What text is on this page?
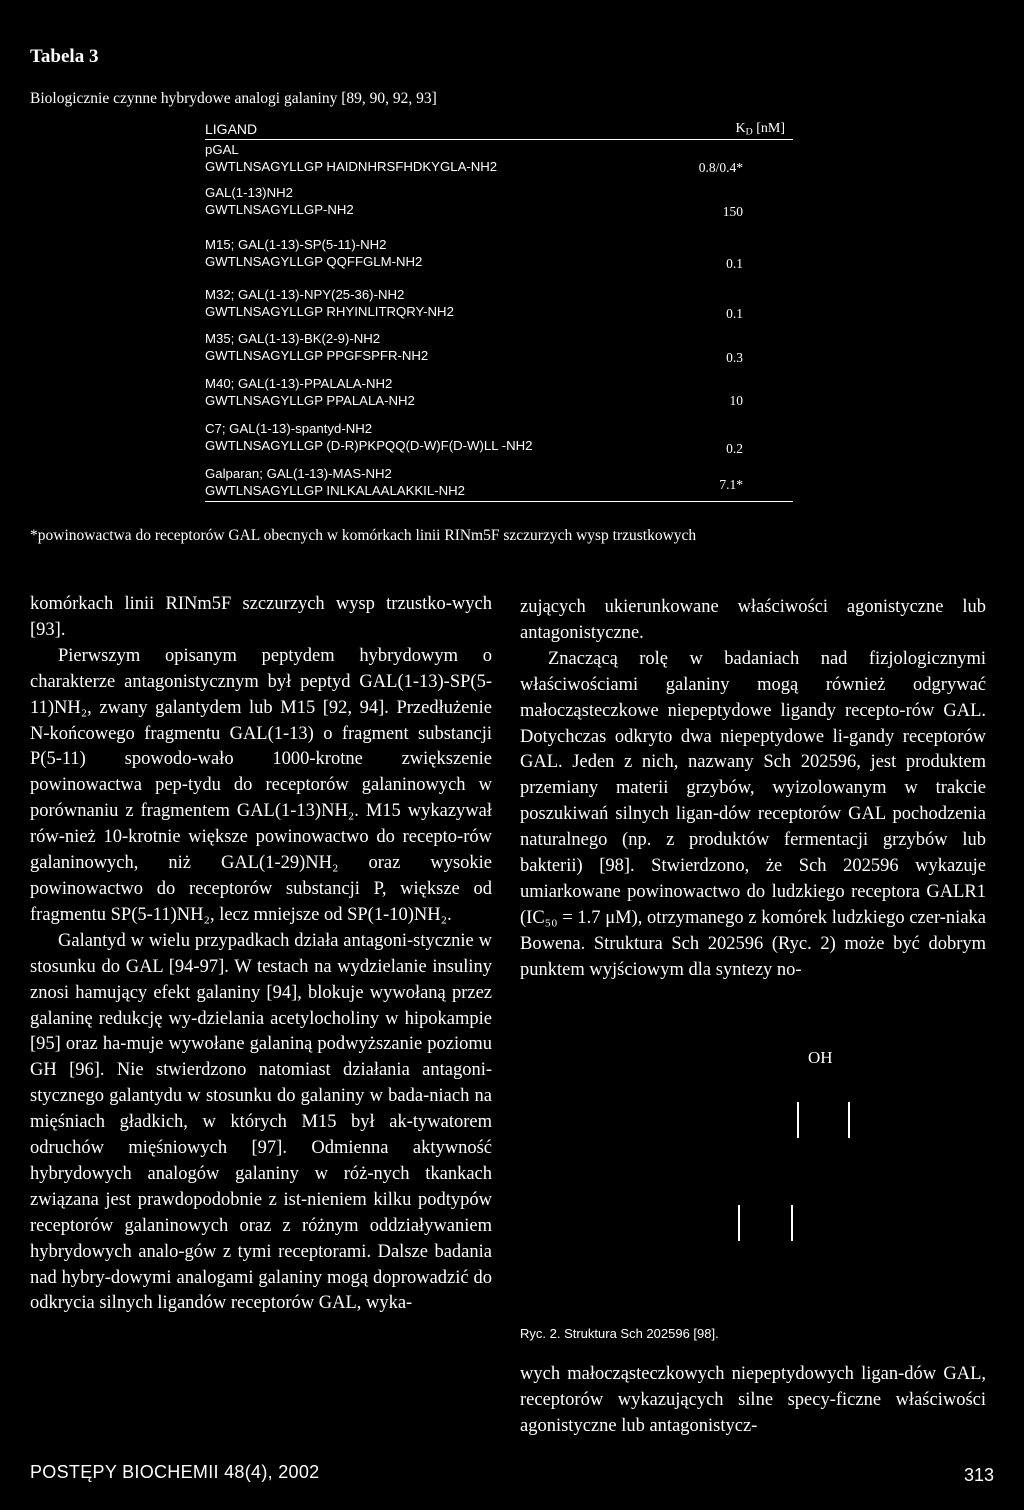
Tabela 3
Biologicznie czynne hybrydowe analogi galaniny [89, 90, 92, 93]
LIGAND	$K_D$ [nM]
pGAL
GWTLNSAGYLLGP HAIDNHRSFHDKYGLA-NH2	0.8/0.4*
GAL(1-13)NH2
GWTLNSAGYLLGP-NH2	150
M15; GAL(1-13)-SP(5-11)-NH2
GWTLNSAGYLLGP QQFFGLM-NH2	0.1
M32; GAL(1-13)-NPY(25-36)-NH2
GWTLNSAGYLLGP RHYINLITRQRY-NH2	0.1
M35; GAL(1-13)-BK(2-9)-NH2
GWTLNSAGYLLGP PPGFSPFR-NH2	0.3
M40; GAL(1-13)-PPALALA-NH2
GWTLNSAGYLLGP PPALALA-NH2	10
C7; GAL(1-13)-spantyd-NH2
GWTLNSAGYLLGP (D-R)PKPQQ(D-W)F(D-W)LL -NH2	0.2
Galparan; GAL(1-13)-MAS-NH2
GWTLNSAGYLLGP INLKALAALAKKIL-NH2	7.1*
*powinowactwa do receptorów GAL obecnych w komórkach linii RINm5F szczurzych wysp trzustkowych

komórkach linii RINm5F szczurzych wysp trzustko-wych [93].

Pierwszym opisanym peptydem hybrydowym o charakterze antagonistycznym był peptyd GAL(1-13)-SP(5-11)NH₂, zwany galantydem lub M15 [92, 94]. Przedłużenie N-końcowego fragmentu GAL(1-13) o fragment substancji P(5-11) spowodo-wało 1000-krotne zwiększenie powinowactwa pep-tydu do receptorów galaninowych w porównaniu z fragmentem GAL(1-13)NH₂. M15 wykazywał rów-nież 10-krotnie większe powinowactwo do recepto-rów galaninowych, niż GAL(1-29)NH₂ oraz wysokie powinowactwo do receptorów substancji P, większe od fragmentu SP(5-11)NH₂, lecz mniejsze od SP(1-10)NH₂.

Galantyd w wielu przypadkach działa antagoni-stycznie w stosunku do GAL [94-97]. W testach na wydzielanie insuliny znosi hamujący efekt galaniny [94], blokuje wywołaną przez galaninę redukcję wy-dzielania acetylocholiny w hipokampie [95] oraz ha-muje wywołane galaniną podwyższanie poziomu GH [96]. Nie stwierdzono natomiast działania antagoni-stycznego galantydu w stosunku do galaniny w bada-niach na mięśniach gładkich, w których M15 był ak-tywatorem odruchów mięśniowych [97]. Odmienna aktywność hybrydowych analogów galaniny w róż-nych tkankach związana jest prawdopodobnie z ist-nieniem kilku podtypów receptorów galaninowych oraz z różnym oddziaływaniem hybrydowych analo-gów z tymi receptorami. Dalsze badania nad hybry-dowymi analogami galaniny mogą doprowadzić do odkrycia silnych ligandów receptorów GAL, wyka-

zujących ukierunkowane właściwości agonistyczne lub antagonistyczne.

Znaczącą rolę w badaniach nad fizjologicznymi właściwościami galaniny mogą również odgrywać małocząsteczkowe niepeptydowe ligandy recepto-rów GAL. Dotychczas odkryto dwa niepeptydowe li-gandy receptorów GAL. Jeden z nich, nazwany Sch 202596, jest produktem przemiany materii grzybów, wyizolowanym w trakcie poszukiwań silnych ligan-dów receptorów GAL pochodzenia naturalnego (np. z produktów fermentacji grzybów lub bakterii) [98]. Stwierdzono, że Sch 202596 wykazuje umiarkowane powinowactwo do ludzkiego receptora GALR1 (IC₅₀ = 1.7 μM), otrzymanego z komórek ludzkiego czer-niaka Bowena. Struktura Sch 202596 (Ryc. 2) może być dobrym punktem wyjściowym dla syntezy no-

OH
Ryc. 2. Struktura Sch 202596 [98].

wych małocząsteczkowych niepeptydowych ligan-dów GAL, receptorów wykazujących silne specy-ficzne właściwości agonistyczne lub antagonistycz-

POSTĘPY BIOCHEMII 48(4), 2002	313
